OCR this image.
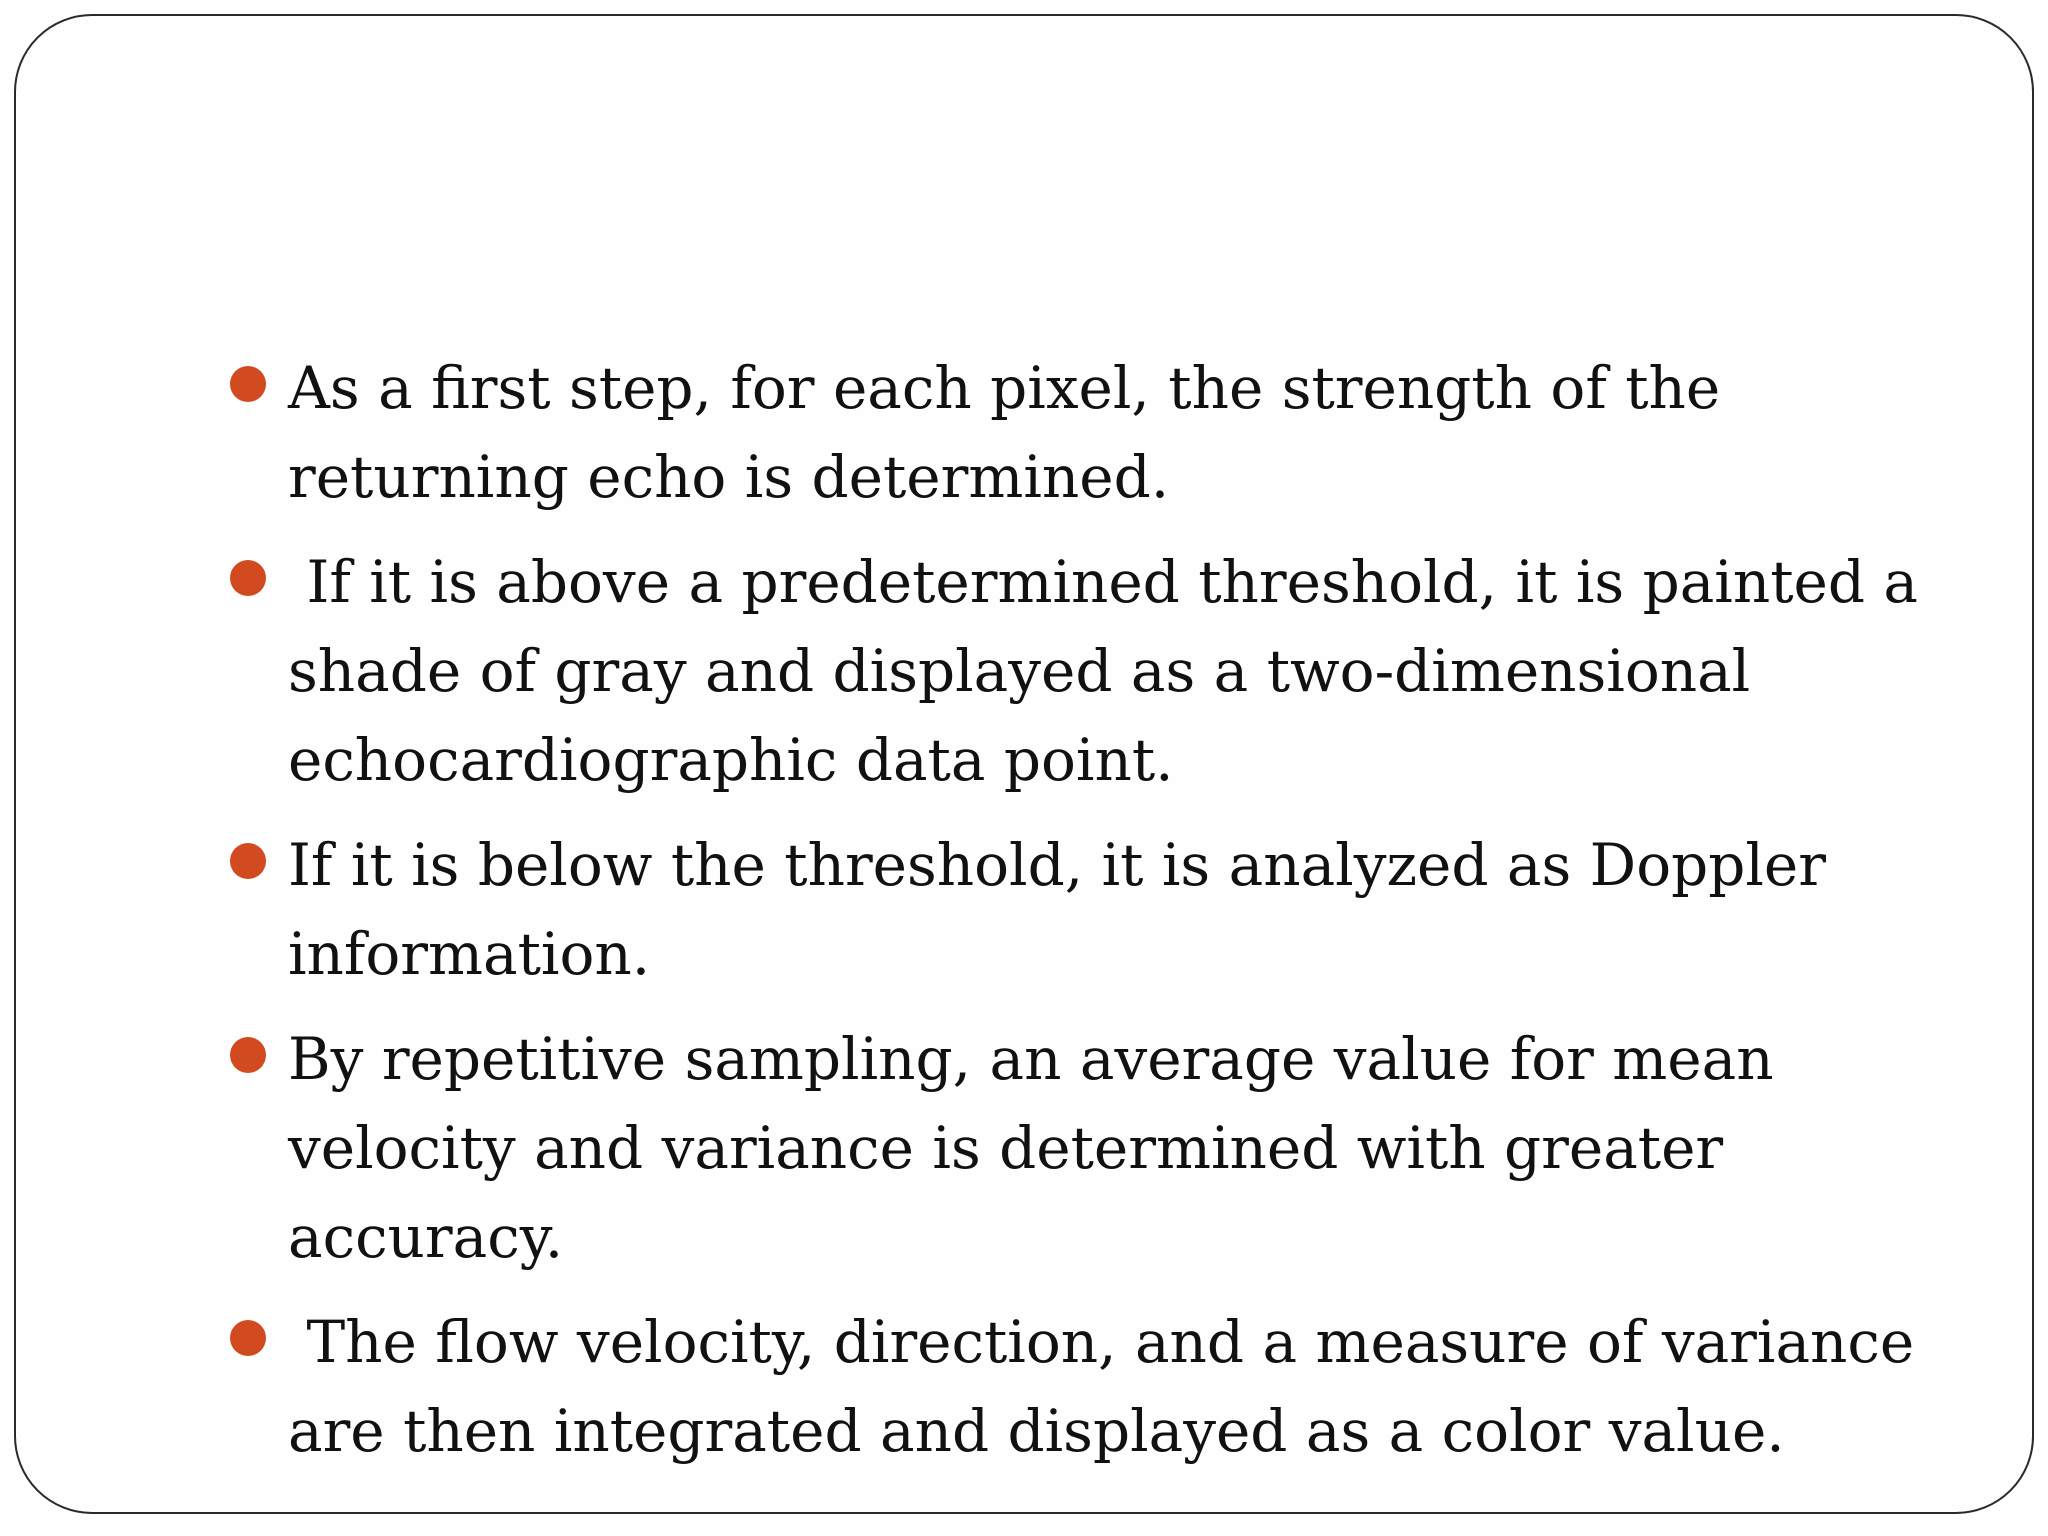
As a first step, for each pixel, the strength of the returning echo is determined.
If it is above a predetermined threshold, it is painted a shade of gray and displayed as a two-dimensional echocardiographic data point.
If it is below the threshold, it is analyzed as Doppler information.
By repetitive sampling, an average value for mean velocity and variance is determined with greater accuracy.
The flow velocity, direction, and a measure of variance are then integrated and displayed as a color value.
